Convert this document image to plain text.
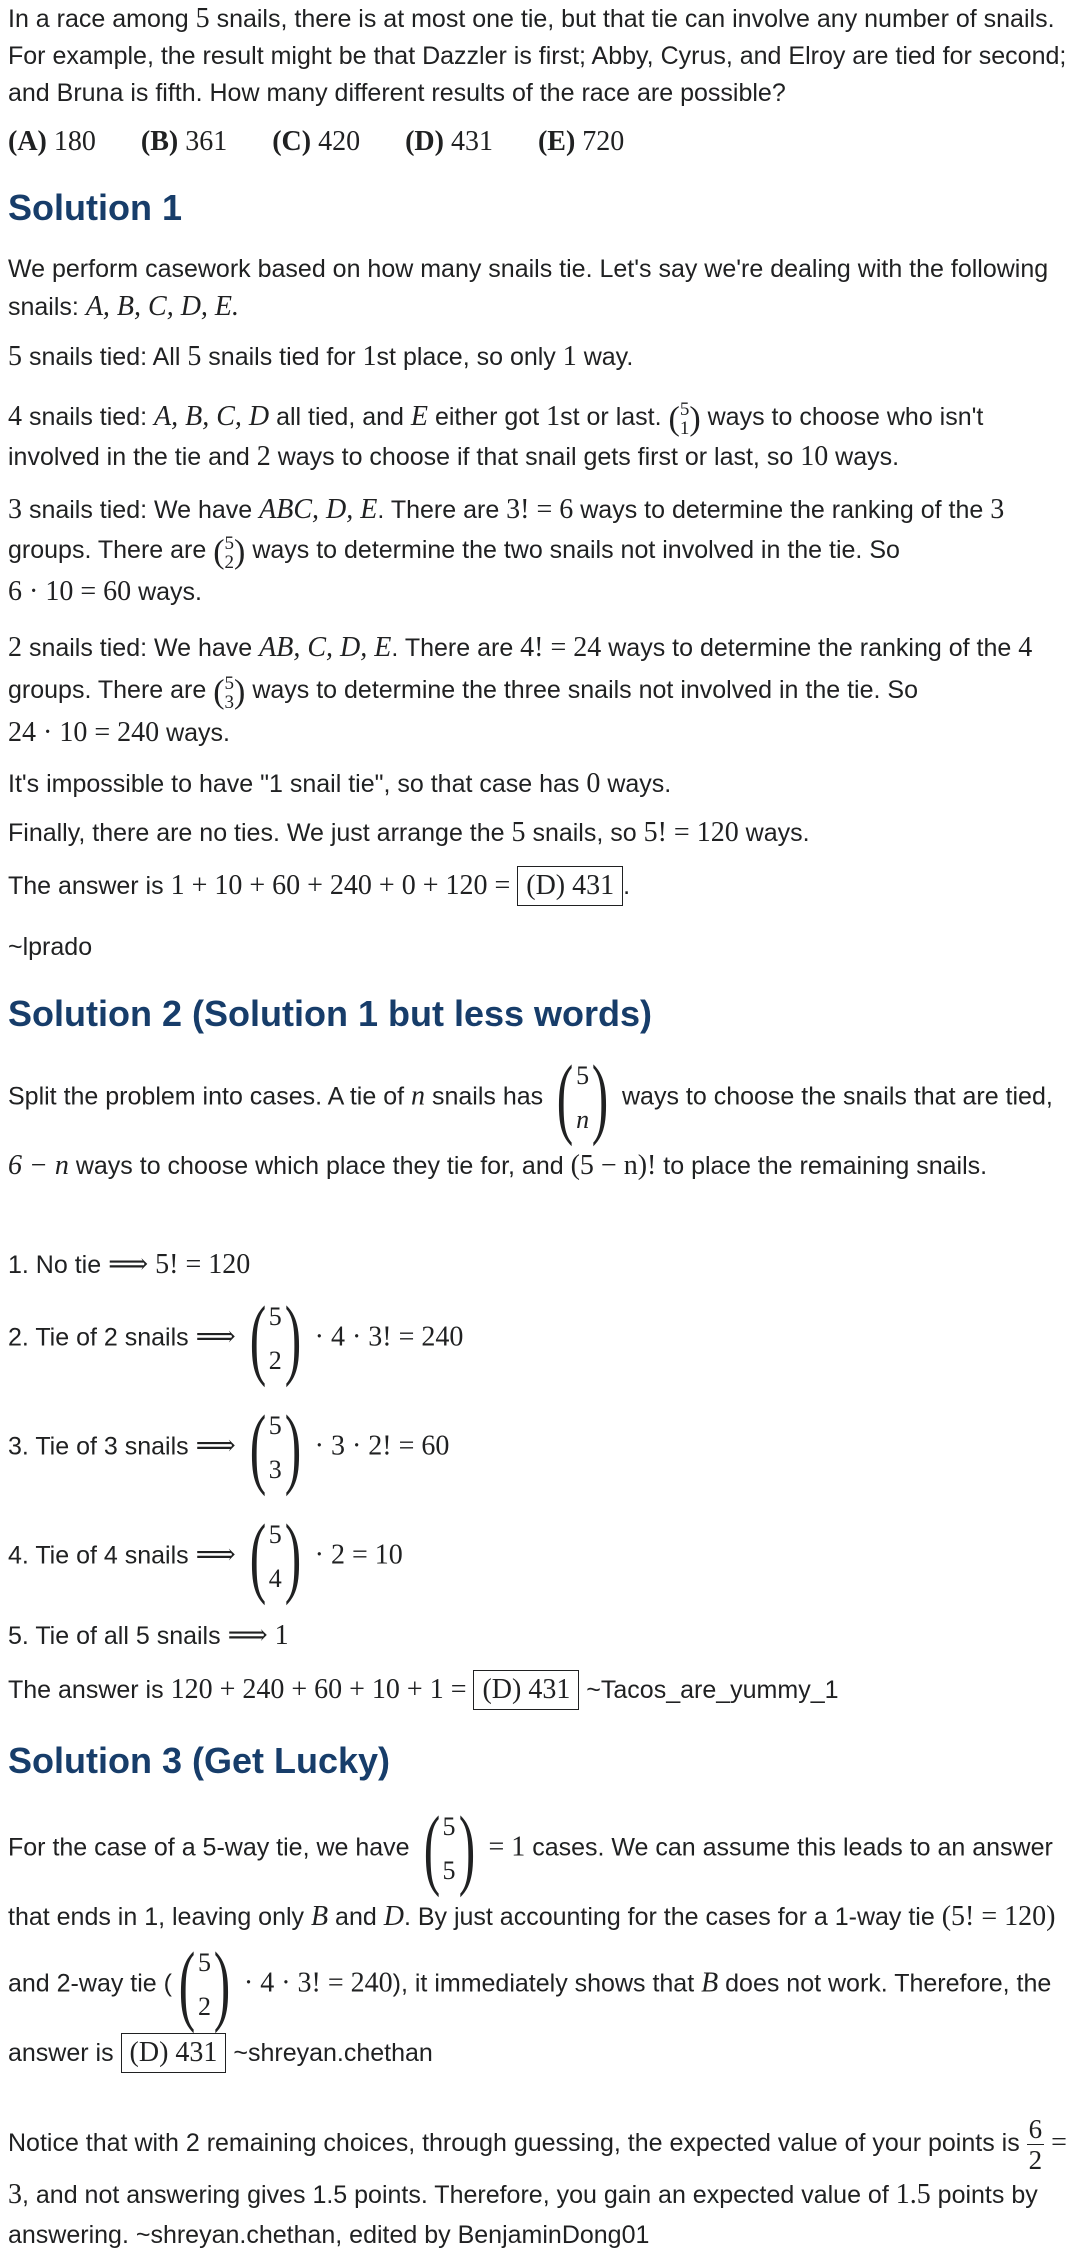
In a race among 5 snails, there is at most one tie, but that tie can involve any number of snails. For example, the result might be that Dazzler is first; Abby, Cyrus, and Elroy are tied for second; and Bruna is fifth. How many different results of the race are possible?

(A) 180 (B) 361 (C) 420 (D) 431 (E) 720
Solution 1

We perform casework based on how many snails tie. Let's say we're dealing with the following snails: A, B, C, D, E.

5 snails tied: All 5 snails tied for 1st place, so only 1 way.

4 snails tied: A, B, C, D all tied, and E either got 1st or last. ( 5
1 ) ways to choose who isn't involved in the tie and 2 ways to choose if that snail gets first or last, so 10 ways.

3 snails tied: We have ABC, D, E. There are 3! = 6 ways to determine the ranking of the 3 groups. There are ( 5
2 ) ways to determine the two snails not involved in the tie. So
6 · 10 = 60 ways.

2 snails tied: We have AB, C, D, E. There are 4! = 24 ways to determine the ranking of the 4 groups. There are ( 5
3 ) ways to determine the three snails not involved in the tie. So
24 · 10 = 240 ways.

It's impossible to have "1 snail tie", so that case has 0 ways.

Finally, there are no ties. We just arrange the 5 snails, so 5! = 120 ways.

The answer is 1 + 10 + 60 + 240 + 0 + 120 = (D) 431 .

~lprado

Solution 2 (Solution 1 but less words)

Split the problem into cases. A tie of n snails has ( 5
n ) ways to choose the snails that are tied, 6 − n ways to choose which place they tie for, and (5 − n)! to place the remaining snails.

1. No tie ⟹ 5! = 120

2. Tie of 2 snails ⟹ ( 5
2 ) · 4 · 3! = 240

3. Tie of 3 snails ⟹ ( 5
3 ) · 3 · 2! = 60

4. Tie of 4 snails ⟹ ( 5
4 ) · 2 = 10

5. Tie of all 5 snails ⟹ 1

The answer is 120 + 240 + 60 + 10 + 1 = (D) 431 ~Tacos_are_yummy_1

Solution 3 (Get Lucky)

For the case of a 5-way tie, we have ( 5
5 ) = 1 cases. We can assume this leads to an answer that ends in 1, leaving only B and D. By just accounting for the cases for a 1-way tie (5! = 120) and 2-way tie ( ( 5
2 ) · 4 · 3! = 240), it immediately shows that B does not work. Therefore, the answer is (D) 431 ~shreyan.chethan

Notice that with 2 remaining choices, through guessing, the expected value of your points is $\frac{6}{2} = 3$, and not answering gives 1.5 points. Therefore, you gain an expected value of 1.5 points by answering. ~shreyan.chethan, edited by BenjaminDong01
